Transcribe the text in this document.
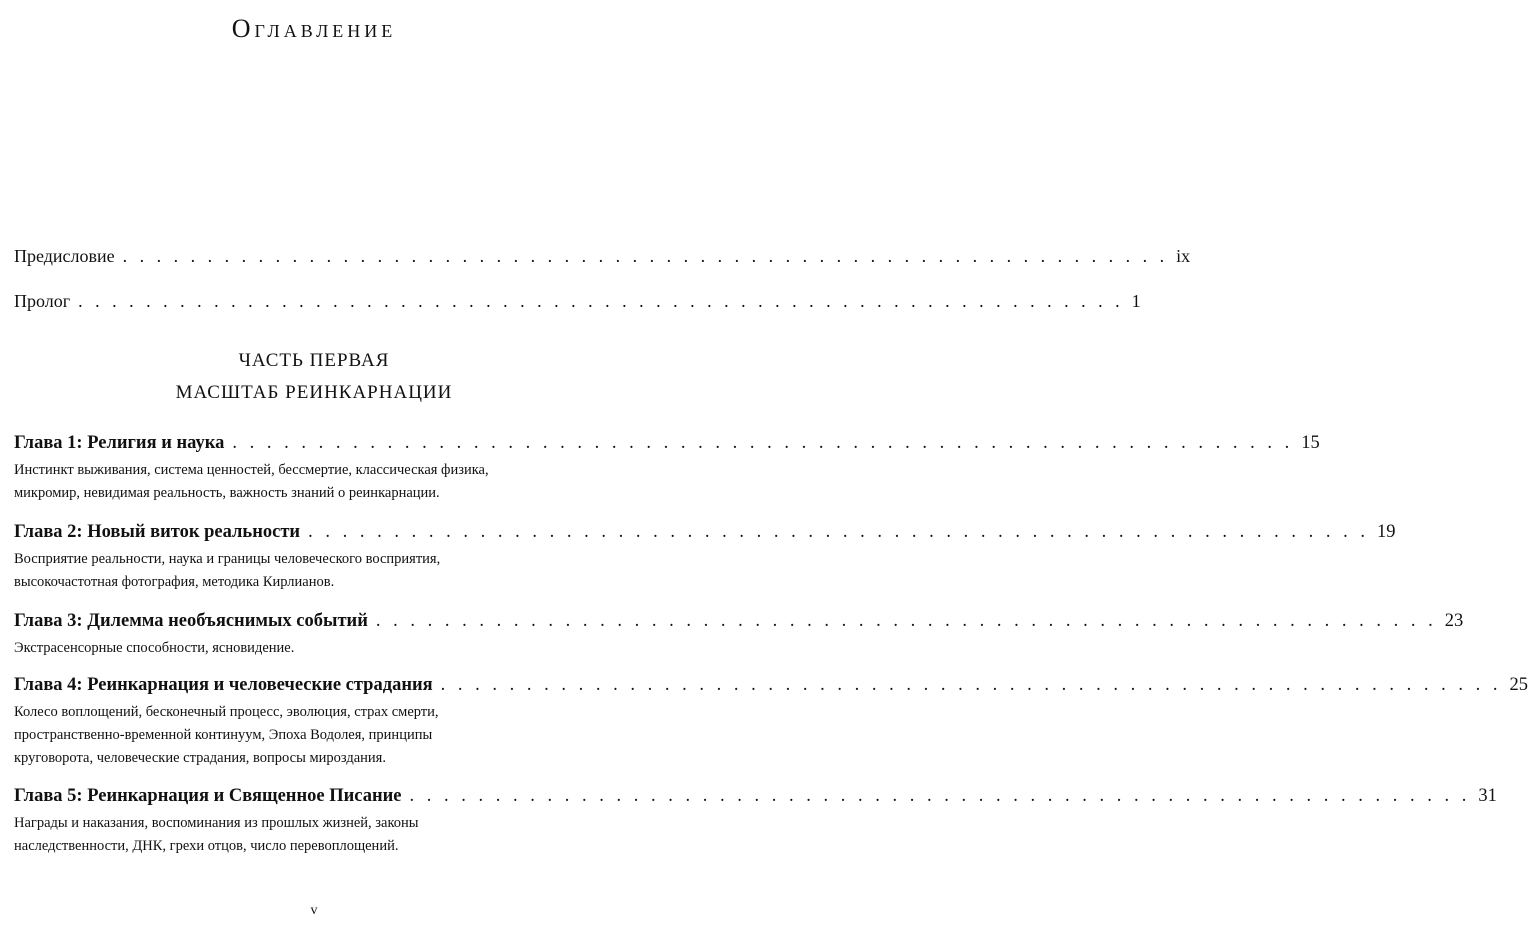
Оглавление
Предисловие . . . . . . . . . . . . . . . . . . . . . . . . . . . . . . . . . . . . . . . . . . . . . . . . . . . . . . . . . . . . . . ix
Пролог . . . . . . . . . . . . . . . . . . . . . . . . . . . . . . . . . . . . . . . . . . . . . . . . . . . . . . . . . . . . . . 1
ЧАСТЬ ПЕРВАЯ
МАСШТАБ РЕИНКАРНАЦИИ
Глава 1: Религия и наука . . . . . . . . . . . . . . . . . . . . . . . . . . . . . . . . . . . . . . . . . . . . . . . . . . . . . . . . . . . . . . 15
Инстинкт выживания, система ценностей, бессмертие, классическая физика,
микромир, невидимая реальность, важность знаний о реинкарнации.
Глава 2: Новый виток реальности . . . . . . . . . . . . . . . . . . . . . . . . . . . . . . . . . . . . . . . . . . . . . . . . . . . . . . . . . . . . . . 19
Восприятие реальности, наука и границы человеческого восприятия,
высокочастотная фотография, методика Кирлианов.
Глава 3: Дилемма необъяснимых событий . . . . . . . . . . . . . . . . . . . . . . . . . . . . . . . . . . . . . . . . . . . . . . . . . . . . . . . . . . . . . . 23
Экстрасенсорные способности, ясновидение.
Глава 4: Реинкарнация и человеческие страдания . . . . . . . . . . . . . . . . . . . . . . . . . . . . . . . . . . . . . . . . . . . . . . . . . . . . . . . . . . . . . . 25
Колесо воплощений, бесконечный процесс, эволюция, страх смерти,
пространственно-временной континуум, Эпоха Водолея, принципы
круговорота, человеческие страдания, вопросы мироздания.
Глава 5: Реинкарнация и Священное Писание . . . . . . . . . . . . . . . . . . . . . . . . . . . . . . . . . . . . . . . . . . . . . . . . . . . . . . . . . . . . . . 31
Награды и наказания, воспоминания из прошлых жизней, законы
наследственности, ДНК, грехи отцов, число перевоплощений.
v
